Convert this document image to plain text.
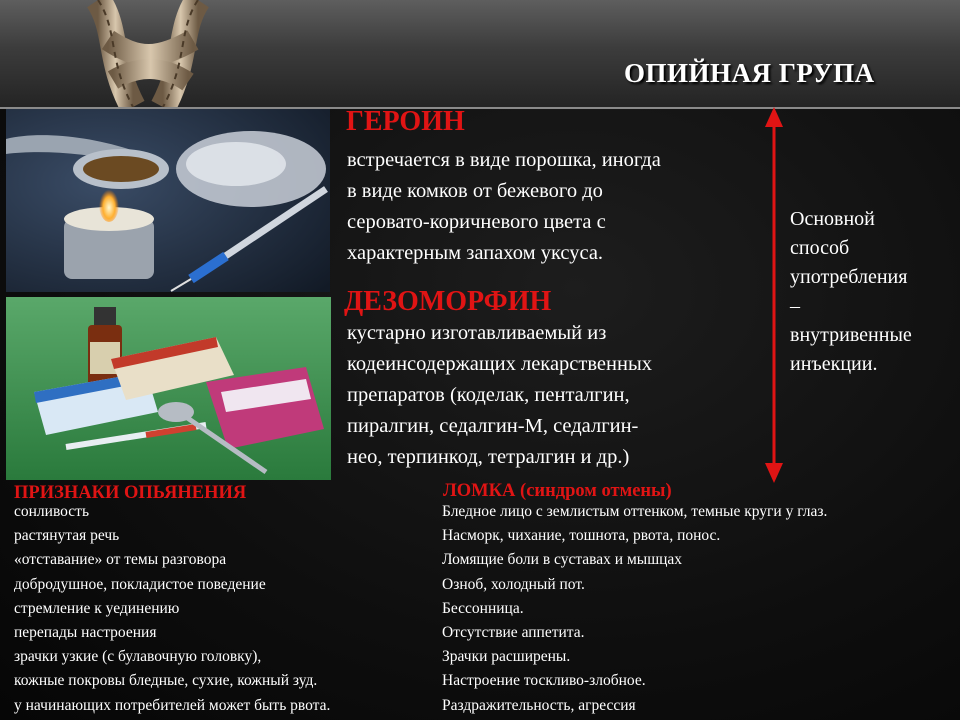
ОПИЙНАЯ ГРУПА
ГЕРОИН
встречается в виде порошка, иногда
в виде комков от бежевого до
серовато-коричневого цвета с
характерным запахом уксуса.
ДЕЗОМОРФИН
кустарно изготавливаемый из
кодеинсодержащих лекарственных
препаратов (коделак, пенталгин,
пиралгин, седалгин-М, седалгин-
нео, терпинкод, тетралгин и др.)
Основной
способ
употребления
–
внутривенные
инъекции.
ПРИЗНАКИ ОПЬЯНЕНИЯ
сонливость
растянутая речь
«отставание» от темы разговора
добродушное, покладистое поведение
стремление к уединению
перепады настроения
зрачки узкие (с булавочную головку),
кожные покровы бледные, сухие, кожный зуд.
у начинающих потребителей может быть рвота.
ЛОМКА (синдром отмены)
Бледное лицо с землистым оттенком, темные круги у глаз.
Насморк, чихание, тошнота, рвота, понос.
Ломящие боли в суставах и мышцах
Озноб, холодный пот.
Бессонница.
Отсутствие аппетита.
Зрачки расширены.
Настроение тоскливо-злобное.
Раздражительность, агрессия
